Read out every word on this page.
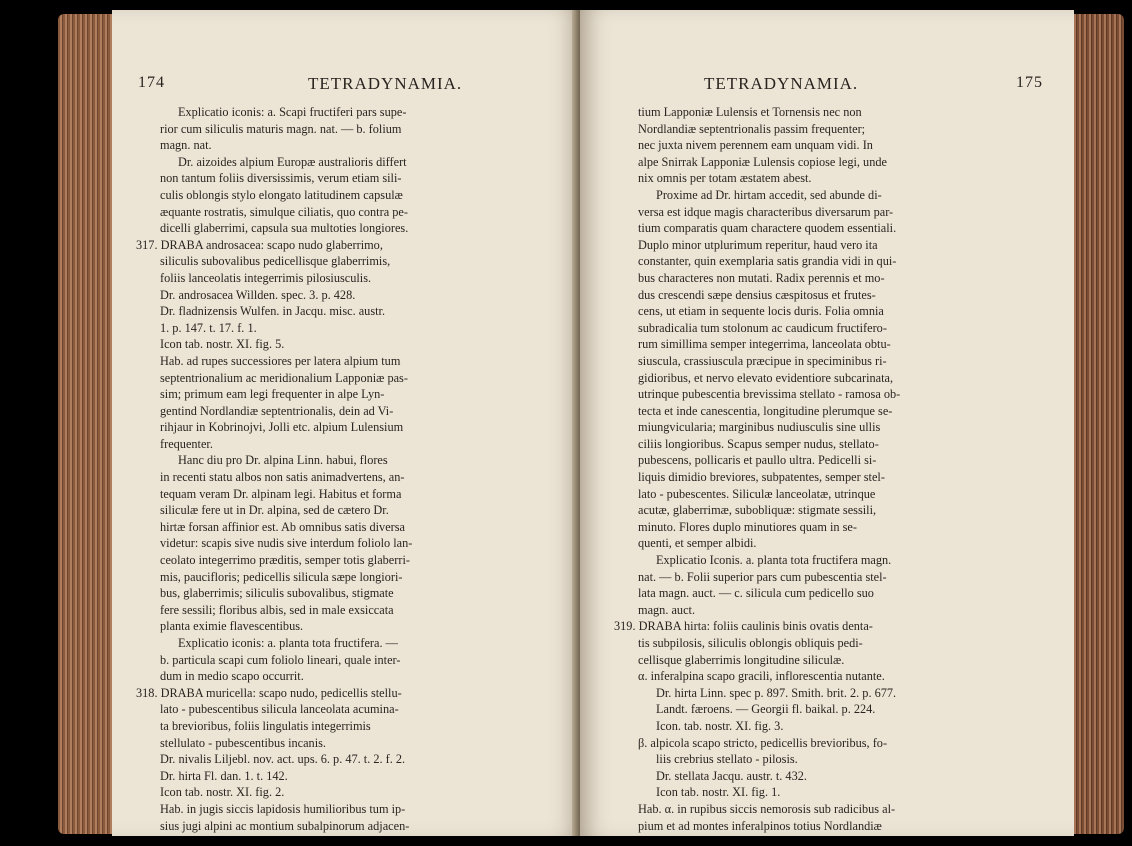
174	TETRADYNAMIA.

Explicatio iconis: a. Scapi fructiferi pars supe-

rior cum siliculis maturis magn. nat. — b. folium

magn. nat.

Dr. aizoides alpium Europæ australioris differt

non tantum foliis diversissimis, verum etiam sili-

culis oblongis stylo elongato latitudinem capsulæ

æquante rostratis, simulque ciliatis, quo contra pe-

dicelli glaberrimi, capsula sua multoties longiores.

317. DRABA androsacea: scapo nudo glaberrimo,

siliculis subovalibus pedicellisque glaberrimis,

foliis lanceolatis integerrimis pilosiusculis.

Dr. androsacea Willden. spec. 3. p. 428.

Dr. fladnizensis Wulfen. in Jacqu. misc. austr.

1. p. 147. t. 17. f. 1.

Icon tab. nostr. XI. fig. 5.

Hab. ad rupes successiores per latera alpium tum

septentrionalium ac meridionalium Lapponiæ pas-

sim; primum eam legi frequenter in alpe Lyn-

gentind Nordlandiæ septentrionalis, dein ad Vi-

rihjaur in Kobrinojvi, Jolli etc. alpium Lulensium

frequenter.

Hanc diu pro Dr. alpina Linn. habui, flores

in recenti statu albos non satis animadvertens, an-

tequam veram Dr. alpinam legi. Habitus et forma

siliculæ fere ut in Dr. alpina, sed de cætero Dr.

hirtæ forsan affinior est. Ab omnibus satis diversa

videtur: scapis sive nudis sive interdum foliolo lan-

ceolato integerrimo præditis, semper totis glaberri-

mis, paucifloris; pedicellis silicula sæpe longiori-

bus, glaberrimis; siliculis subovalibus, stigmate

fere sessili; floribus albis, sed in male exsiccata

planta eximie flavescentibus.

Explicatio iconis: a. planta tota fructifera. —

b. particula scapi cum foliolo lineari, quale inter-

dum in medio scapo occurrit.

318. DRABA muricella: scapo nudo, pedicellis stellu-

lato - pubescentibus silicula lanceolata acumina-

ta brevioribus, foliis lingulatis integerrimis

stellulato - pubescentibus incanis.

Dr. nivalis Liljebl. nov. act. ups. 6. p. 47. t. 2. f. 2.

Dr. hirta Fl. dan. 1. t. 142.

Icon tab. nostr. XI. fig. 2.

Hab. in jugis siccis lapidosis humilioribus tum ip-

sius jugi alpini ac montium subalpinorum adjacen-

TETRADYNAMIA.	175

tium Lapponiæ Lulensis et Tornensis nec non

Nordlandiæ septentrionalis passim frequenter;

nec juxta nivem perennem eam unquam vidi. In

alpe Snirrak Lapponiæ Lulensis copiose legi, unde

nix omnis per totam æstatem abest.

Proxime ad Dr. hirtam accedit, sed abunde di-

versa est idque magis characteribus diversarum par-

tium comparatis quam charactere quodem essentiali.

Duplo minor utplurimum reperitur, haud vero ita

constanter, quin exemplaria satis grandia vidi in qui-

bus characteres non mutati. Radix perennis et mo-

dus crescendi sæpe densius cæspitosus et frutes-

cens, ut etiam in sequente locis duris. Folia omnia

subradicalia tum stolonum ac caudicum fructifero-

rum simillima semper integerrima, lanceolata obtu-

siuscula, crassiuscula præcipue in speciminibus ri-

gidioribus, et nervo elevato evidentiore subcarinata,

utrinque pubescentia brevissima stellato - ramosa ob-

tecta et inde canescentia, longitudine plerumque se-

miungvicularia; marginibus nudiusculis sine ullis

ciliis longioribus. Scapus semper nudus, stellato-

pubescens, pollicaris et paullo ultra. Pedicelli si-

liquis dimidio breviores, subpatentes, semper stel-

lato - pubescentes. Siliculæ lanceolatæ, utrinque

acutæ, glaberrimæ, subobliquæ: stigmate sessili,

minuto. Flores duplo minutiores quam in se-

quenti, et semper albidi.

Explicatio Iconis. a. planta tota fructifera magn.

nat. — b. Folii superior pars cum pubescentia stel-

lata magn. auct. — c. silicula cum pedicello suo

magn. auct.

319. DRABA hirta: foliis caulinis binis ovatis denta-

tis subpilosis, siliculis oblongis obliquis pedi-

cellisque glaberrimis longitudine siliculæ.

α. inferalpina scapo gracili, inflorescentia nutante.

Dr. hirta Linn. spec p. 897. Smith. brit. 2. p. 677.

Landt. færoens. — Georgii fl. baikal. p. 224.

Icon. tab. nostr. XI. fig. 3.

β. alpicola scapo stricto, pedicellis brevioribus, fo-

liis crebrius stellato - pilosis.

Dr. stellata Jacqu. austr. t. 432.

Icon tab. nostr. XI. fig. 1.

Hab. α. in rupibus siccis nemorosis sub radicibus al-

pium et ad montes inferalpinos totius Nordlandiæ
